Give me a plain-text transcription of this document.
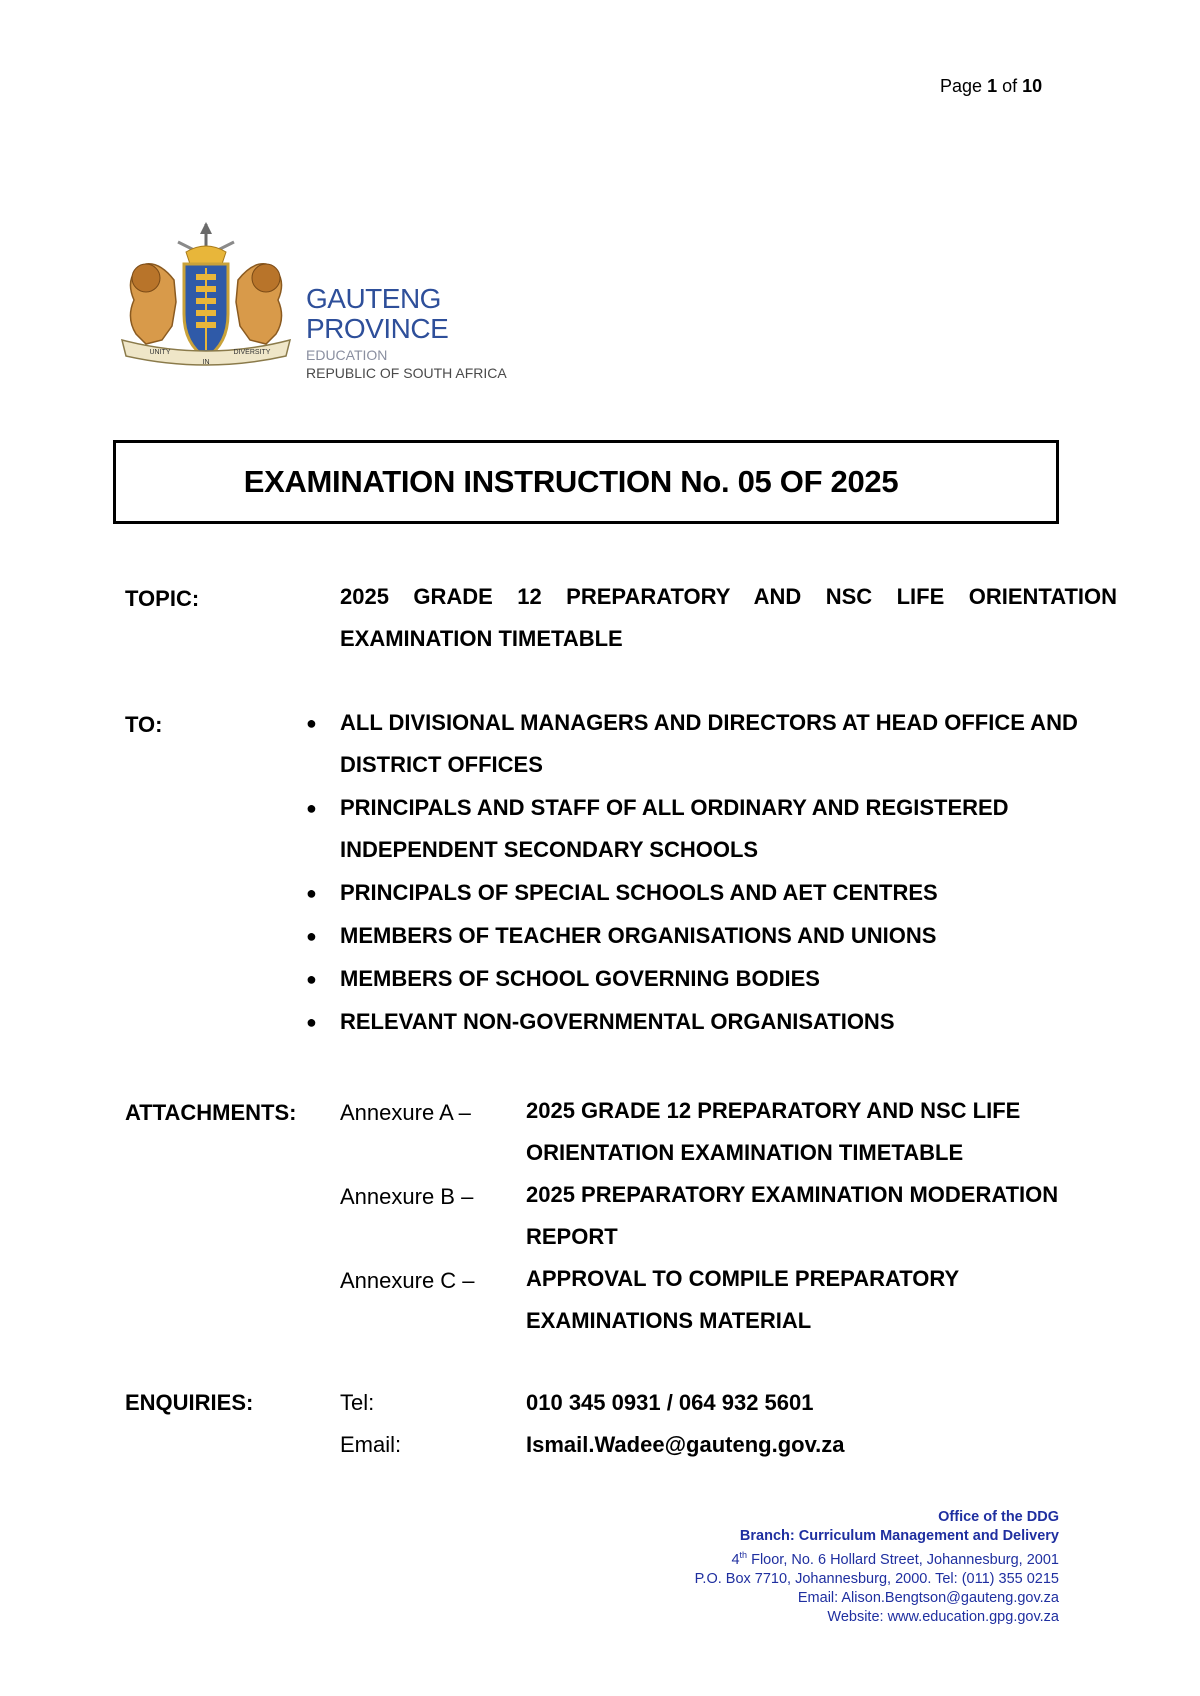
Page 1 of 10
UNITY
IN
DIVERSITY
GAUTENG PROVINCE
EDUCATION
REPUBLIC OF SOUTH AFRICA
EXAMINATION INSTRUCTION No. 05 OF 2025
TOPIC:	2025 GRADE 12 PREPARATORY AND NSC LIFE ORIENTATION EXAMINATION TIMETABLE
TO:	● ALL DIVISIONAL MANAGERS AND DIRECTORS AT HEAD OFFICE AND DISTRICT OFFICES
● PRINCIPALS AND STAFF OF ALL ORDINARY AND REGISTERED INDEPENDENT SECONDARY SCHOOLS
● PRINCIPALS OF SPECIAL SCHOOLS AND AET CENTRES
● MEMBERS OF TEACHER ORGANISATIONS AND UNIONS
● MEMBERS OF SCHOOL GOVERNING BODIES
● RELEVANT NON-GOVERNMENTAL ORGANISATIONS
ATTACHMENTS: Annexure A –	2025 GRADE 12 PREPARATORY AND NSC LIFE ORIENTATION EXAMINATION TIMETABLE
Annexure B – 2025 PREPARATORY EXAMINATION MODERATION REPORT
Annexure C – APPROVAL TO COMPILE PREPARATORY EXAMINATIONS MATERIAL
ENQUIRIES:	Tel:	010 345 0931 / 064 932 5601
Email:	Ismail.Wadee@gauteng.gov.za
Office of the DDG
Branch: Curriculum Management and Delivery
4th Floor, No. 6 Hollard Street, Johannesburg, 2001
P.O. Box 7710, Johannesburg, 2000. Tel: (011) 355 0215
Email: Alison.Bengtson@gauteng.gov.za
Website: www.education.gpg.gov.za
